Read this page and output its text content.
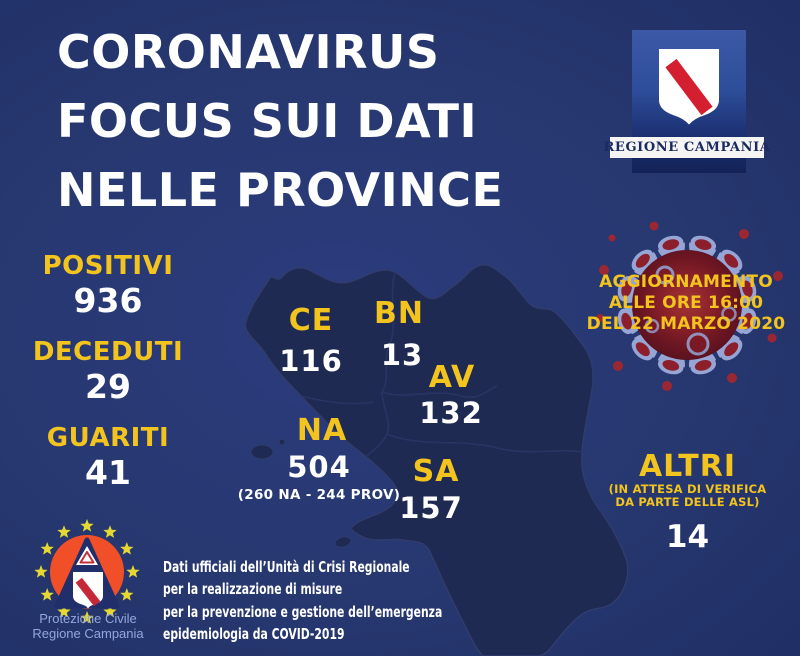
CORONAVIRUS
FOCUS SUI DATI
NELLE PROVINCE
REGIONE CAMPANIA
POSITIVI
936
DECEDUTI
29
GUARITI
41
CE
116
BN
13
AV
132
NA
504
(260 NA - 244 PROV)
SA
157
AGGIORNAMENTO
ALLE ORE 16:00
DEL 22 MARZO 2020
ALTRI
(IN ATTESA DI VERIFICA
DA PARTE DELLE ASL)
14
Protezione Civile
Regione Campania
Dati ufficiali dell’Unità di Crisi Regionale
per la realizzazione di misure
per la prevenzione e gestione dell’emergenza
epidemiologia da COVID-2019
